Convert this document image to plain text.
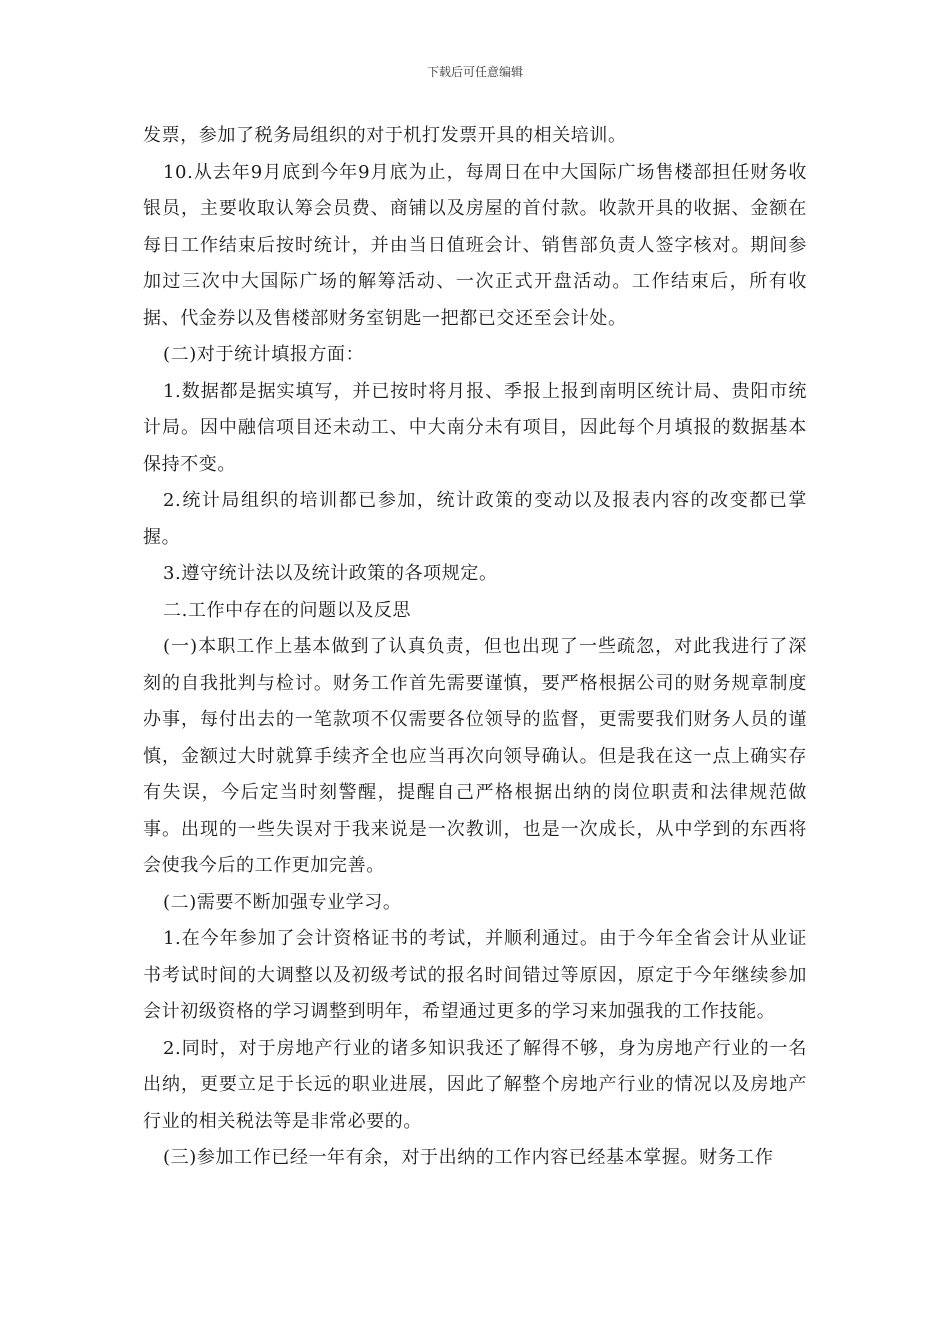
下载后可任意编辑

发票，参加了税务局组织的对于机打发票开具的相关培训。

10.从去年9月底到今年9月底为止，每周日在中大国际广场售楼部担任财务收银员，主要收取认筹会员费、商铺以及房屋的首付款。收款开具的收据、金额在每日工作结束后按时统计，并由当日值班会计、销售部负责人签字核对。期间参加过三次中大国际广场的解筹活动、一次正式开盘活动。工作结束后，所有收据、代金券以及售楼部财务室钥匙一把都已交还至会计处。

(二)对于统计填报方面：

1.数据都是据实填写，并已按时将月报、季报上报到南明区统计局、贵阳市统计局。因中融信项目还未动工、中大南分未有项目，因此每个月填报的数据基本保持不变。

2.统计局组织的培训都已参加，统计政策的变动以及报表内容的改变都已掌握。

3.遵守统计法以及统计政策的各项规定。

二.工作中存在的问题以及反思

(一)本职工作上基本做到了认真负责，但也出现了一些疏忽，对此我进行了深刻的自我批判与检讨。财务工作首先需要谨慎，要严格根据公司的财务规章制度办事，每付出去的一笔款项不仅需要各位领导的监督，更需要我们财务人员的谨慎，金额过大时就算手续齐全也应当再次向领导确认。但是我在这一点上确实存有失误，今后定当时刻警醒，提醒自己严格根据出纳的岗位职责和法律规范做事。出现的一些失误对于我来说是一次教训，也是一次成长，从中学到的东西将会使我今后的工作更加完善。

(二)需要不断加强专业学习。

1.在今年参加了会计资格证书的考试，并顺利通过。由于今年全省会计从业证书考试时间的大调整以及初级考试的报名时间错过等原因，原定于今年继续参加会计初级资格的学习调整到明年，希望通过更多的学习来加强我的工作技能。

2.同时，对于房地产行业的诸多知识我还了解得不够，身为房地产行业的一名出纳，更要立足于长远的职业进展，因此了解整个房地产行业的情况以及房地产行业的相关税法等是非常必要的。

(三)参加工作已经一年有余，对于出纳的工作内容已经基本掌握。财务工作
